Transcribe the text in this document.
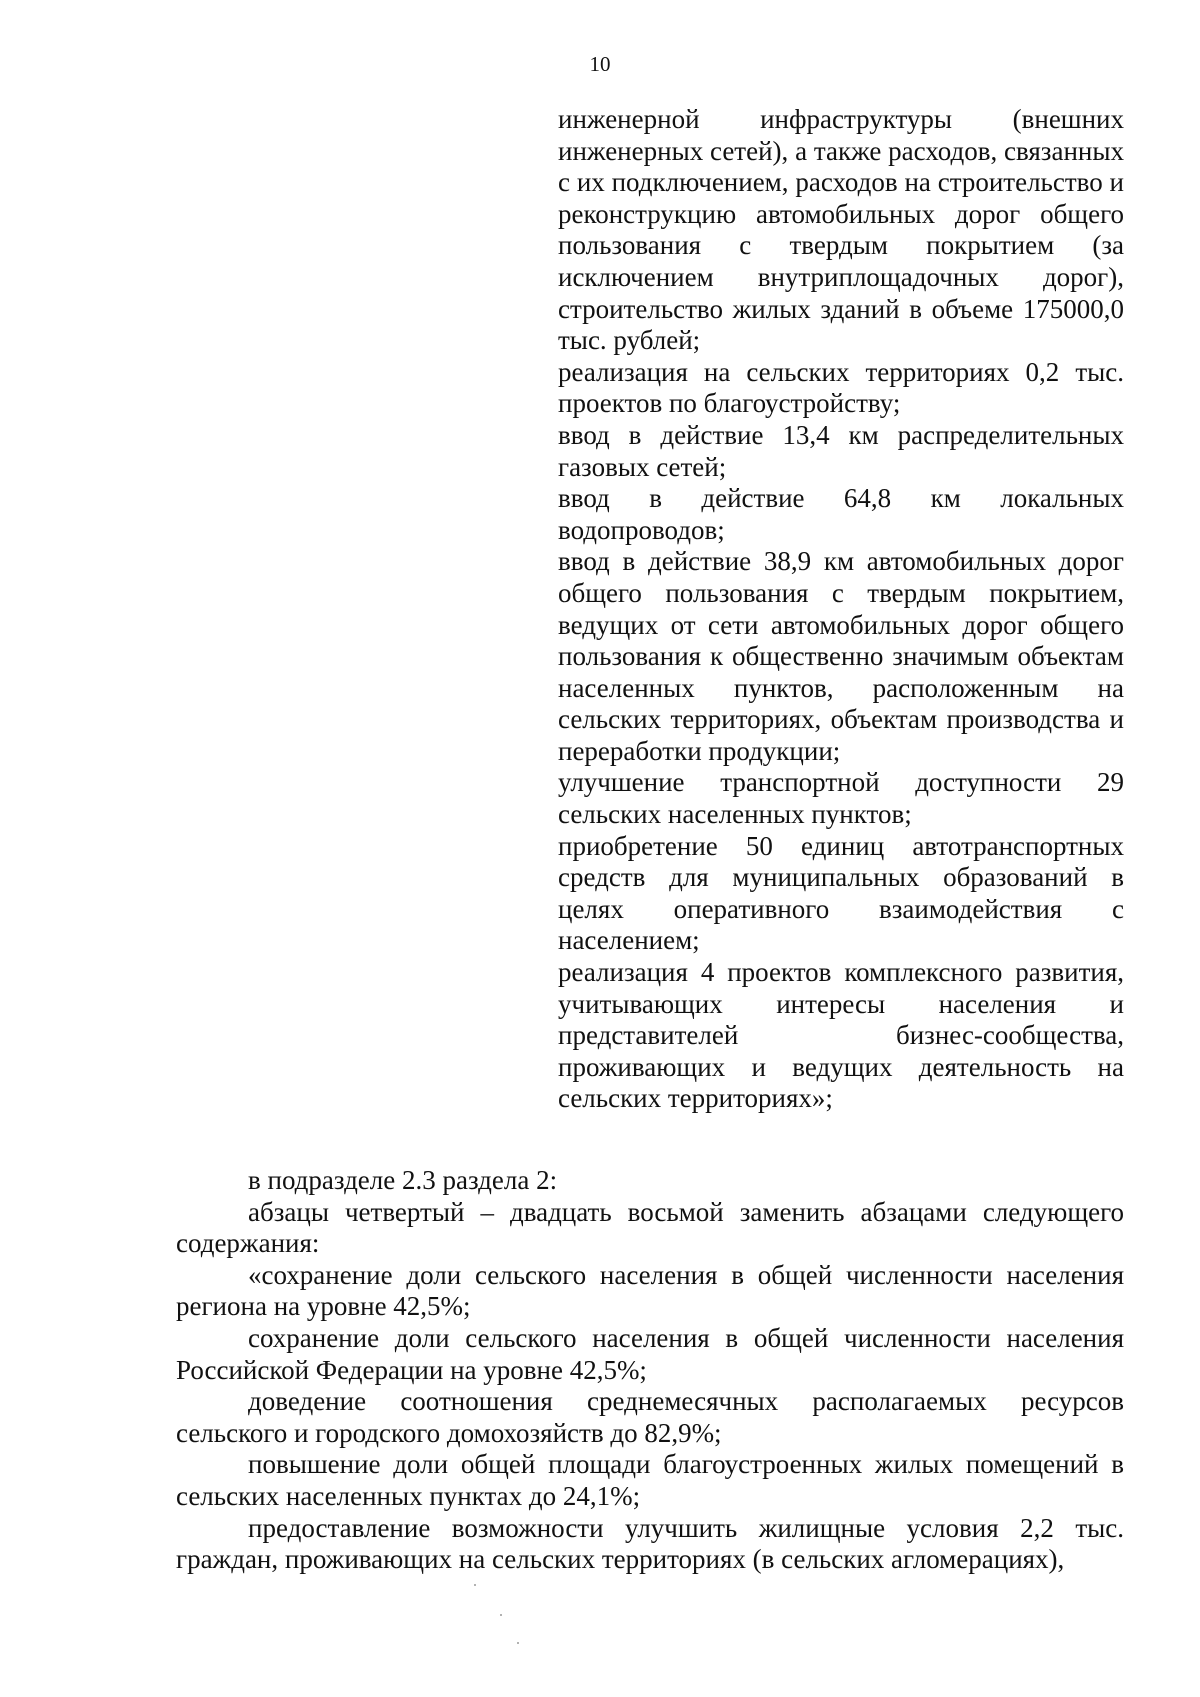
10

инженерной инфраструктуры (внешних инженерных сетей), а также расходов, связанных с их подключением, расходов на строительство и реконструкцию автомобильных дорог общего пользования с твердым покрытием (за исключением внутриплощадочных дорог), строительство жилых зданий в объеме 175000,0 тыс. рублей;

реализация на сельских территориях 0,2 тыс. проектов по благоустройству;

ввод в действие 13,4 км распределительных газовых сетей;

ввод в действие 64,8 км локальных водопроводов;

ввод в действие 38,9 км автомобильных дорог общего пользования с твердым покрытием, ведущих от сети автомобильных дорог общего пользования к общественно значимым объектам населенных пунктов, расположенным на сельских территориях, объектам производства и переработки продукции;

улучшение транспортной доступности 29 сельских населенных пунктов;

приобретение 50 единиц автотранспортных средств для муниципальных образований в целях оперативного взаимодействия с населением;

реализация 4 проектов комплексного развития, учитывающих интересы населения и представителей бизнес-сообщества, проживающих и ведущих деятельность на сельских территориях»;

в подразделе 2.3 раздела 2:

абзацы четвертый – двадцать восьмой заменить абзацами следующего содержания:

«сохранение доли сельского населения в общей численности населения региона на уровне 42,5%;

сохранение доли сельского населения в общей численности населения Российской Федерации на уровне 42,5%;

доведение соотношения среднемесячных располагаемых ресурсов сельского и городского домохозяйств до 82,9%;

повышение доли общей площади благоустроенных жилых помещений в сельских населенных пунктах до 24,1%;

предоставление возможности улучшить жилищные условия 2,2 тыс. граждан, проживающих на сельских территориях (в сельских агломерациях),
